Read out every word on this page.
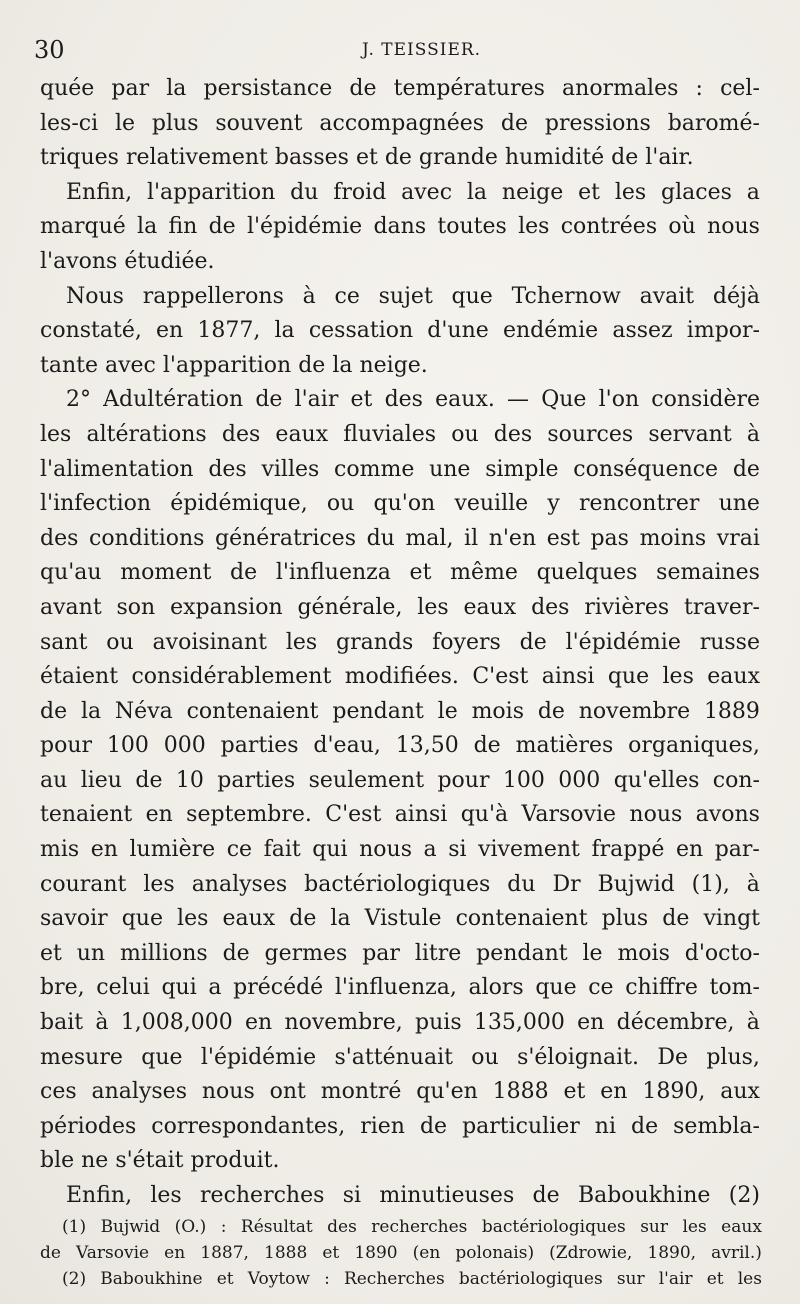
30	J. TEISSIER.
quée par la persistance de températures anormales : cel-
les-ci le plus souvent accompagnées de pressions baromé-
triques relativement basses et de grande humidité de l'air.
Enfin, l'apparition du froid avec la neige et les glaces a
marqué la fin de l'épidémie dans toutes les contrées où nous
l'avons étudiée.
Nous rappellerons à ce sujet que Tchernow avait déjà
constaté, en 1877, la cessation d'une endémie assez impor-
tante avec l'apparition de la neige.
2° Adultération de l'air et des eaux. — Que l'on considère
les altérations des eaux fluviales ou des sources servant à
l'alimentation des villes comme une simple conséquence de
l'infection épidémique, ou qu'on veuille y rencontrer une
des conditions génératrices du mal, il n'en est pas moins vrai
qu'au moment de l'influenza et même quelques semaines
avant son expansion générale, les eaux des rivières traver-
sant ou avoisinant les grands foyers de l'épidémie russe
étaient considérablement modifiées. C'est ainsi que les eaux
de la Néva contenaient pendant le mois de novembre 1889
pour 100 000 parties d'eau, 13,50 de matières organiques,
au lieu de 10 parties seulement pour 100 000 qu'elles con-
tenaient en septembre. C'est ainsi qu'à Varsovie nous avons
mis en lumière ce fait qui nous a si vivement frappé en par-
courant les analyses bactériologiques du Dr Bujwid (1), à
savoir que les eaux de la Vistule contenaient plus de vingt
et un millions de germes par litre pendant le mois d'octo-
bre, celui qui a précédé l'influenza, alors que ce chiffre tom-
bait à 1,008,000 en novembre, puis 135,000 en décembre, à
mesure que l'épidémie s'atténuait ou s'éloignait. De plus,
ces analyses nous ont montré qu'en 1888 et en 1890, aux
périodes correspondantes, rien de particulier ni de sembla-
ble ne s'était produit.
Enfin, les recherches si minutieuses de Baboukhine (2)
(1) Bujwid (O.) : Résultat des recherches bactériologiques sur les eaux
de Varsovie en 1887, 1888 et 1890 (en polonais) (Zdrowie, 1890, avril.)
(2) Baboukhine et Voytow : Recherches bactériologiques sur l'air et les
